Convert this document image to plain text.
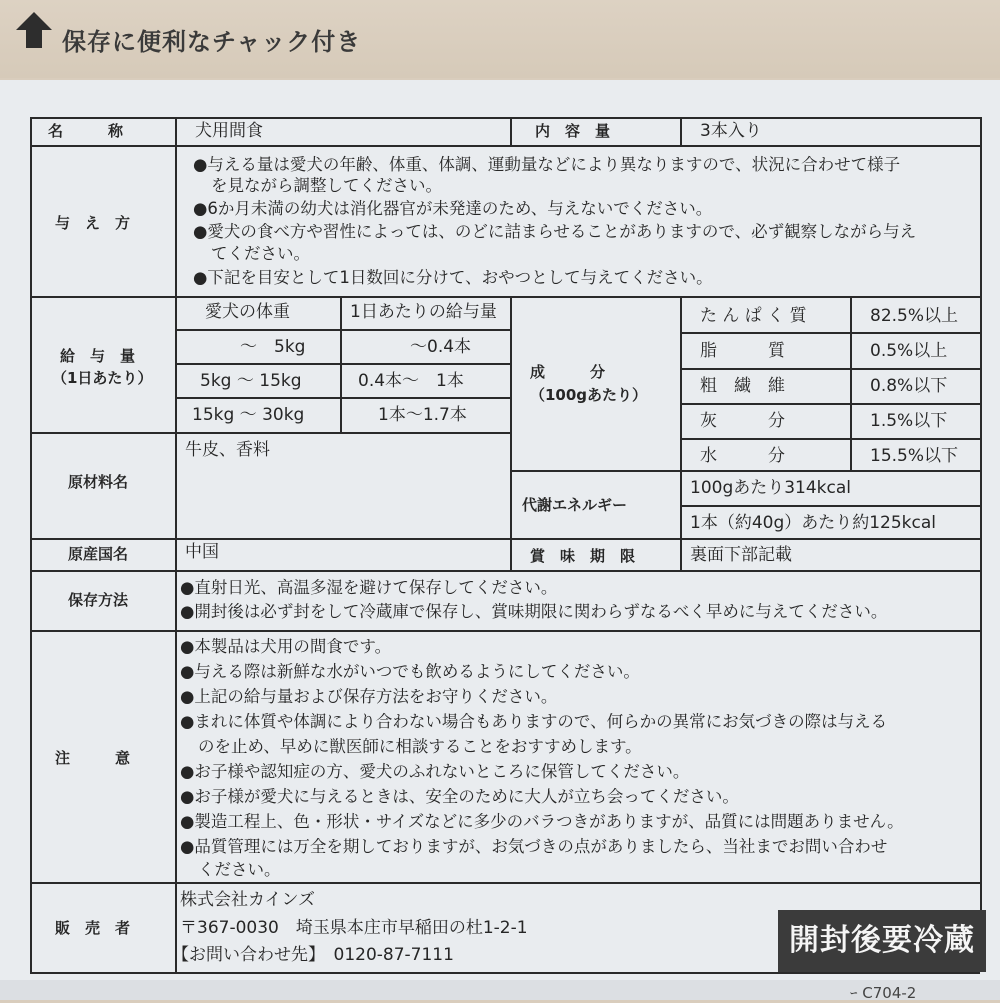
保存に便利なチャック付き
名　　　称	犬用間食	内　容　量	3本入り
与　え　方
●与える量は愛犬の年齢、体重、体調、運動量などにより異なりますので、状況に合わせて様子
を見ながら調整してください。
●6か月未満の幼犬は消化器官が未発達のため、与えないでください。
●愛犬の食べ方や習性によっては、のどに詰まらせることがありますので、必ず観察しながら与え
てください。
●下記を目安として1日数回に分けて、おやつとして与えてください。
給　与　量
（1日あたり）
愛犬の体重	1日あたりの給与量
～　5kg	～0.4本
5kg ～ 15kg	0.4本～　1本
15kg ～ 30kg	1本～1.7本
成　　　分
（100gあたり）
た ん ぱ く 質	82.5%以上
脂　　　質	0.5%以上
粗　繊　維	0.8%以下
灰　　　分	1.5%以下
水　　　分	15.5%以下
原材料名
牛皮、香料
代謝エネルギー
100gあたり314kcal
1本（約40g）あたり約125kcal
原産国名	中国	賞　味　期　限	裏面下部記載
保存方法
●直射日光、高温多湿を避けて保存してください。
●開封後は必ず封をして冷蔵庫で保存し、賞味期限に関わらずなるべく早めに与えてください。
注　　　意
●本製品は犬用の間食です。
●与える際は新鮮な水がいつでも飲めるようにしてください。
●上記の給与量および保存方法をお守りください。
●まれに体質や体調により合わない場合もありますので、何らかの異常にお気づきの際は与える
のを止め、早めに獣医師に相談することをおすすめします。
●お子様や認知症の方、愛犬のふれないところに保管してください。
●お子様が愛犬に与えるときは、安全のために大人が立ち会ってください。
●製造工程上、色・形状・サイズなどに多少のバラつきがありますが、品質には問題ありません。
●品質管理には万全を期しておりますが、お気づきの点がありましたら、当社までお問い合わせ
ください。
販　売　者
株式会社カインズ
〒367-0030　埼玉県本庄市早稲田の杜1-2-1
【お問い合わせ先】　0120-87-7111	開封後要冷蔵
ｰ C704-2
